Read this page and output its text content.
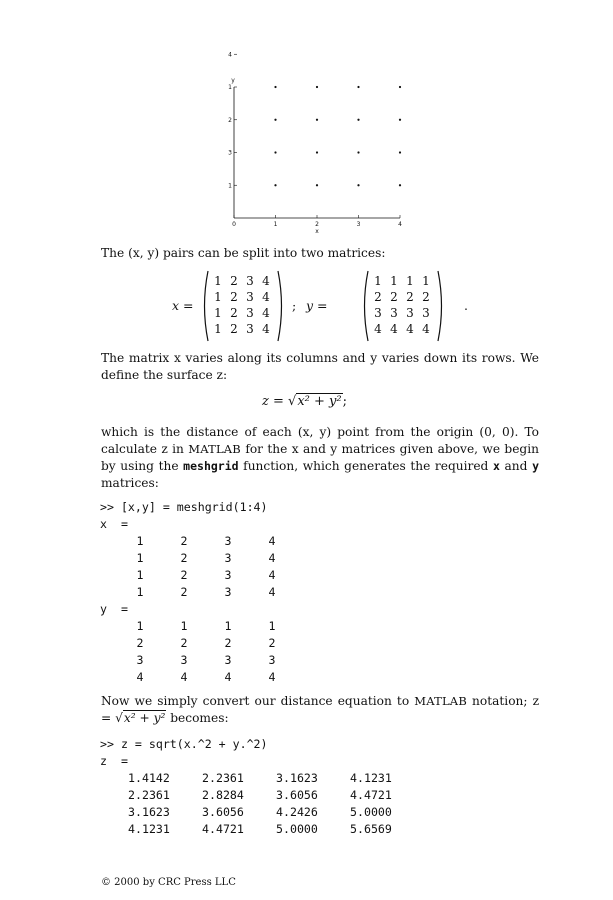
0	1	2	3	4
1
3
2
1
4
x
y
The (x, y) pairs can be split into two matrices:
x =
1 2 3 4
1 2 3 4
1 2 3 4
1 2 3 4
; y =
1 1 1 1
2 2 2 2
3 3 3 3
4 4 4 4
.
The matrix x varies along its columns and y varies down its rows. We define the surface z:
z = √x² + y²;
which is the distance of each (x, y) point from the origin (0, 0). To calculate z in MATLAB for the x and y matrices given above, we begin by using the meshgrid function, which generates the required x and y matrices:
>> [x,y] = meshgrid(1:4)
x  =
1	2	3	4
1	2	3	4
1	2	3	4
1	2	3	4
y  =
1	1	1	1
2	2	2	2
3	3	3	3
4	4	4	4
Now we simply convert our distance equation to MATLAB notation; z = √x² + y² becomes:
>> z = sqrt(x.^2 + y.^2)
z  =
1.4142	2.2361	3.1623	4.1231
2.2361	2.8284	3.6056	4.4721
3.1623	3.6056	4.2426	5.0000
4.1231	4.4721	5.0000	5.6569
© 2000 by CRC Press LLC
